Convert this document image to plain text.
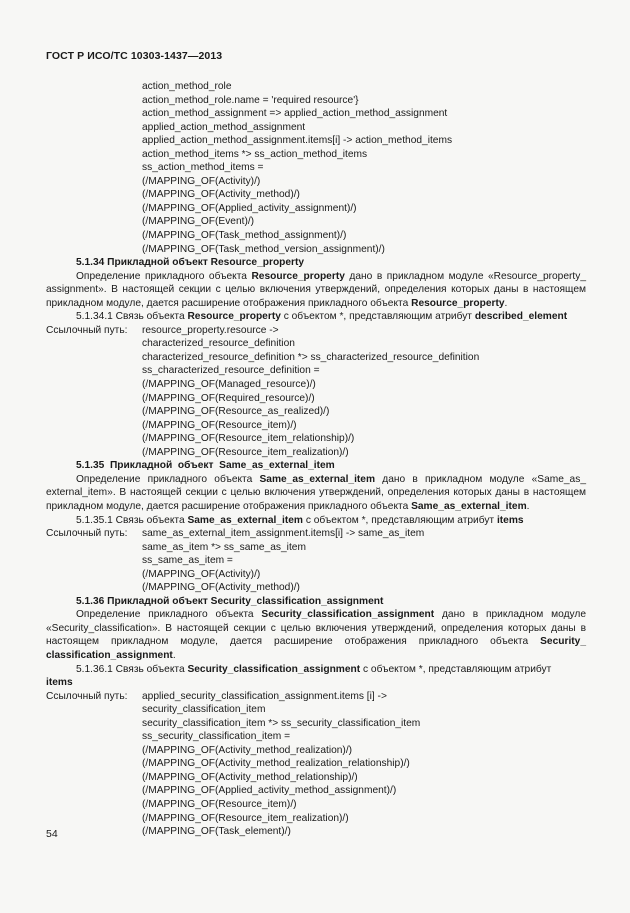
ГОСТ Р ИСО/ТС 10303-1437—2013
action_method_role
action_method_role.name = 'required resource'}
action_method_assignment => applied_action_method_assignment
applied_action_method_assignment
applied_action_method_assignment.items[i] -> action_method_items
action_method_items *> ss_action_method_items
ss_action_method_items =
(/MAPPING_OF(Activity)/)
(/MAPPING_OF(Activity_method)/)
(/MAPPING_OF(Applied_activity_assignment)/)
(/MAPPING_OF(Event)/)
(/MAPPING_OF(Task_method_assignment)/)
(/MAPPING_OF(Task_method_version_assignment)/)
5.1.34 Прикладной объект Resource_property
Определение прикладного объекта Resource_property дано в прикладном модуле «Resource_property_ assignment». В настоящей секции с целью включения утверждений, определения которых даны в настоящем прикладном модуле, дается расширение отображения прикладного объекта Resource_property.
5.1.34.1 Связь объекта Resource_property с объектом *, представляющим атрибут described_element
Ссылочный путь:	resource_property.resource ->
characterized_resource_definition
characterized_resource_definition *> ss_characterized_resource_definition
ss_characterized_resource_definition =
(/MAPPING_OF(Managed_resource)/)
(/MAPPING_OF(Required_resource)/)
(/MAPPING_OF(Resource_as_realized)/)
(/MAPPING_OF(Resource_item)/)
(/MAPPING_OF(Resource_item_relationship)/)
(/MAPPING_OF(Resource_item_realization)/)
5.1.35  Прикладной  объект  Same_as_external_item
Определение прикладного объекта Same_as_external_item дано в прикладном модуле «Same_as_ external_item». В настоящей секции с целью включения утверждений, определения которых даны в настоящем прикладном модуле, дается расширение отображения прикладного объекта Same_as_external_item.
5.1.35.1 Связь объекта Same_as_external_item с объектом *, представляющим атрибут items
Ссылочный путь:	same_as_external_item_assignment.items[i] -> same_as_item
same_as_item *> ss_same_as_item
ss_same_as_item =
(/MAPPING_OF(Activity)/)
(/MAPPING_OF(Activity_method)/)
5.1.36 Прикладной объект Security_classification_assignment
Определение прикладного объекта Security_classification_assignment дано в прикладном модуле «Security_classification». В настоящей секции с целью включения утверждений, определения которых даны в настоящем прикладном модуле, дается расширение отображения прикладного объекта Security_ classification_assignment.
5.1.36.1 Связь объекта Security_classification_assignment с объектом *, представляющим атрибут
items
Ссылочный путь:	applied_security_classification_assignment.items [i] ->
security_classification_item
security_classification_item *> ss_security_classification_item
ss_security_classification_item =
(/MAPPING_OF(Activity_method_realization)/)
(/MAPPING_OF(Activity_method_realization_relationship)/)
(/MAPPING_OF(Activity_method_relationship)/)
(/MAPPING_OF(Applied_activity_method_assignment)/)
(/MAPPING_OF(Resource_item)/)
(/MAPPING_OF(Resource_item_realization)/)
(/MAPPING_OF(Task_element)/)
54
